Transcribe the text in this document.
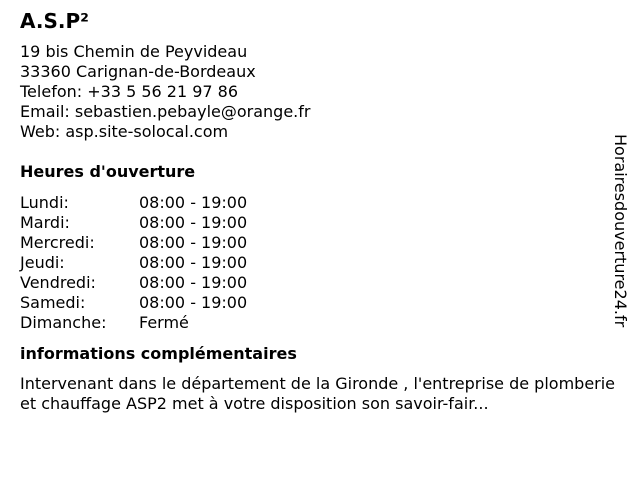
A.S.P²
19 bis Chemin de Peyvideau
33360 Carignan-de-Bordeaux
Telefon: +33 5 56 21 97 86
Email: sebastien.pebayle@orange.fr
Web: asp.site-solocal.com
Heures d'ouverture
Lundi:	08:00 - 19:00
Mardi:	08:00 - 19:00
Mercredi:	08:00 - 19:00
Jeudi:	08:00 - 19:00
Vendredi:	08:00 - 19:00
Samedi:	08:00 - 19:00
Dimanche:	Fermé
informations complémentaires

Intervenant dans le département de la Gironde , l'entreprise de plomberie et chauffage ASP2 met à votre disposition son savoir-fair...

Horairesdouverture24.fr
